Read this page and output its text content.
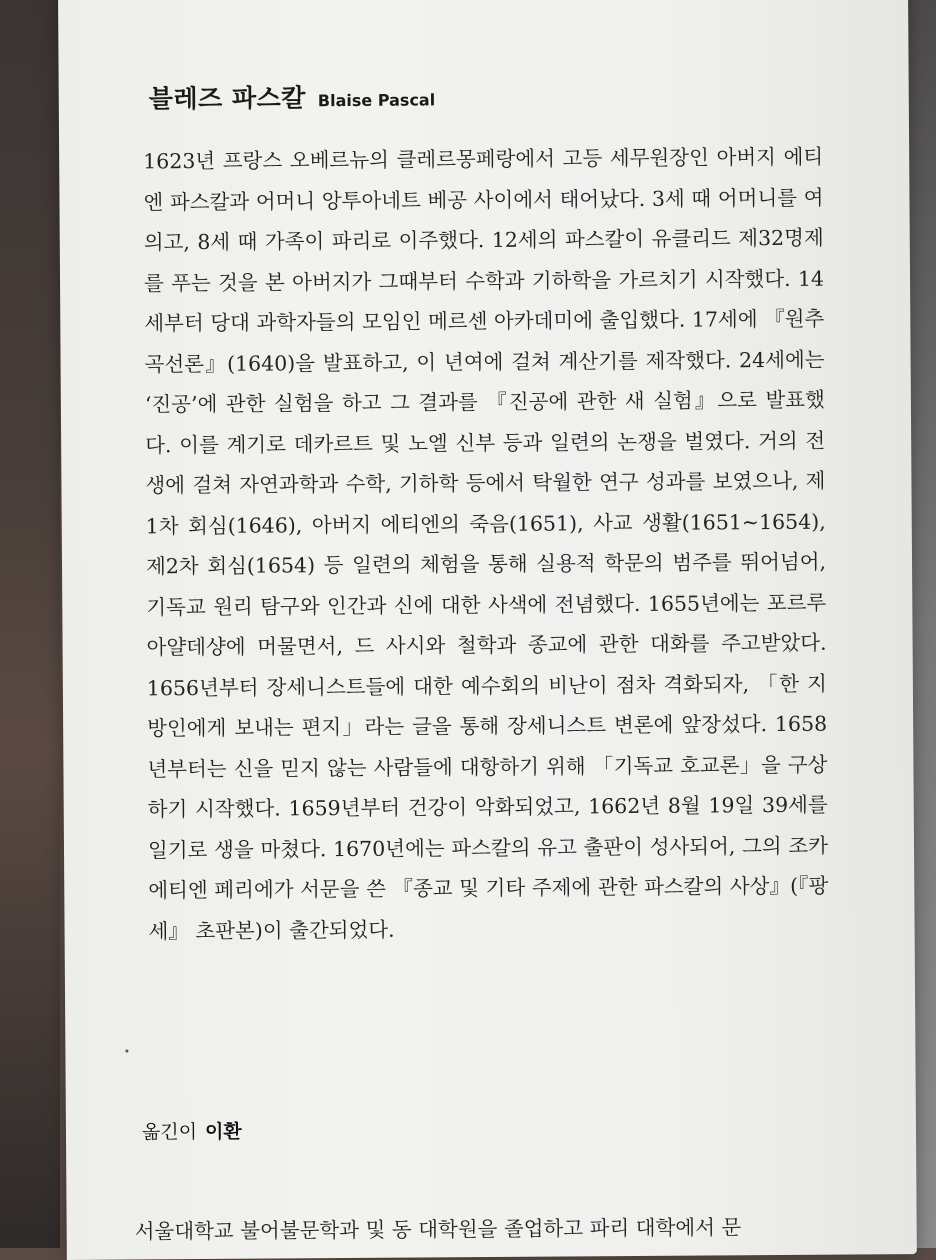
블레즈 파스칼 Blaise Pascal

1623년 프랑스 오베르뉴의 클레르몽페랑에서 고등 세무원장인 아버지 에티엔 파스칼과 어머니 앙투아네트 베공 사이에서 태어났다. 3세 때 어머니를 여의고, 8세 때 가족이 파리로 이주했다. 12세의 파스칼이 유클리드 제32명제를 푸는 것을 본 아버지가 그때부터 수학과 기하학을 가르치기 시작했다. 14세부터 당대 과학자들의 모임인 메르센 아카데미에 출입했다. 17세에 『원추곡선론』(1640)을 발표하고, 이 년여에 걸쳐 계산기를 제작했다. 24세에는 ‘진공’에 관한 실험을 하고 그 결과를 『진공에 관한 새 실험』으로 발표했다. 이를 계기로 데카르트 및 노엘 신부 등과 일련의 논쟁을 벌였다. 거의 전생에 걸쳐 자연과학과 수학, 기하학 등에서 탁월한 연구 성과를 보였으나, 제1차 회심(1646), 아버지 에티엔의 죽음(1651), 사교 생활(1651~1654), 제2차 회심(1654) 등 일련의 체험을 통해 실용적 학문의 범주를 뛰어넘어, 기독교 원리 탐구와 인간과 신에 대한 사색에 전념했다. 1655년에는 포르루아얄데샹에 머물면서, 드 사시와 철학과 종교에 관한 대화를 주고받았다. 1656년부터 장세니스트들에 대한 예수회의 비난이 점차 격화되자, 「한 지방인에게 보내는 편지」라는 글을 통해 장세니스트 변론에 앞장섰다. 1658년부터는 신을 믿지 않는 사람들에 대항하기 위해 「기독교 호교론」을 구상하기 시작했다. 1659년부터 건강이 악화되었고, 1662년 8월 19일 39세를 일기로 생을 마쳤다. 1670년에는 파스칼의 유고 출판이 성사되어, 그의 조카 에티엔 페리에가 서문을 쓴 『종교 및 기타 주제에 관한 파스칼의 사상』(『팡세』 초판본)이 출간되었다.

옮긴이 이환
서울대학교 불어불문학과 및 동 대학원을 졸업하고 파리 대학에서 문
